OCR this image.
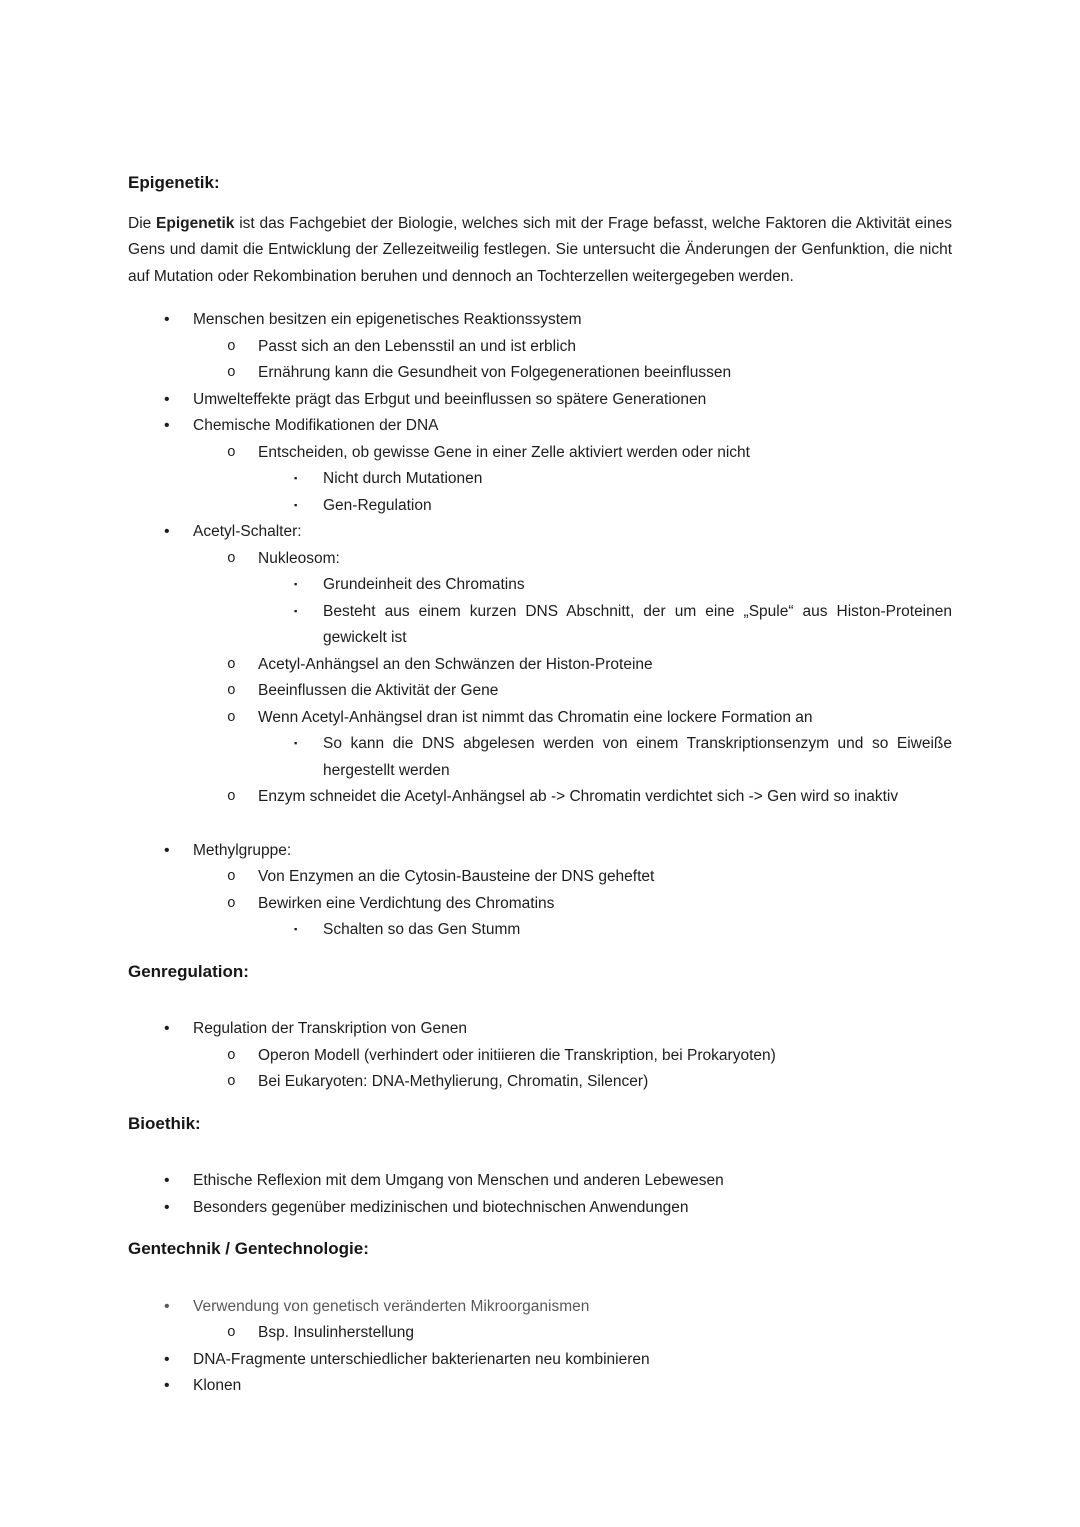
Epigenetik:

Die Epigenetik ist das Fachgebiet der Biologie, welches sich mit der Frage befasst, welche Faktoren die Aktivität eines Gens und damit die Entwicklung der Zellezeitweilig festlegen. Sie untersucht die Änderungen der Genfunktion, die nicht auf Mutation oder Rekombination beruhen und dennoch an Tochterzellen weitergegeben werden.

• Menschen besitzen ein epigenetisches Reaktionssystem
o Passt sich an den Lebensstil an und ist erblich
o Ernährung kann die Gesundheit von Folgegenerationen beeinflussen
• Umwelteffekte prägt das Erbgut und beeinflussen so spätere Generationen
• Chemische Modifikationen der DNA
o Entscheiden, ob gewisse Gene in einer Zelle aktiviert werden oder nicht
▪ Nicht durch Mutationen
▪ Gen-Regulation
• Acetyl-Schalter:
o Nukleosom:
▪ Grundeinheit des Chromatins
▪ Besteht aus einem kurzen DNS Abschnitt, der um eine „Spule“ aus Histon-Proteinen gewickelt ist
o Acetyl-Anhängsel an den Schwänzen der Histon-Proteine
o Beeinflussen die Aktivität der Gene
o Wenn Acetyl-Anhängsel dran ist nimmt das Chromatin eine lockere Formation an
▪ So kann die DNS abgelesen werden von einem Transkriptionsenzym und so Eiweiße hergestellt werden
o Enzym schneidet die Acetyl-Anhängsel ab -> Chromatin verdichtet sich -> Gen wird so inaktiv
• Methylgruppe:
o Von Enzymen an die Cytosin-Bausteine der DNS geheftet
o Bewirken eine Verdichtung des Chromatins
▪ Schalten so das Gen Stumm
Genregulation:
• Regulation der Transkription von Genen
o Operon Modell (verhindert oder initiieren die Transkription, bei Prokaryoten)
o Bei Eukaryoten: DNA-Methylierung, Chromatin, Silencer)
Bioethik:
• Ethische Reflexion mit dem Umgang von Menschen und anderen Lebewesen
• Besonders gegenüber medizinischen und biotechnischen Anwendungen
Gentechnik / Gentechnologie:
• Verwendung von genetisch veränderten Mikroorganismen
o Bsp. Insulinherstellung
• DNA-Fragmente unterschiedlicher bakterienarten neu kombinieren
• Klonen
